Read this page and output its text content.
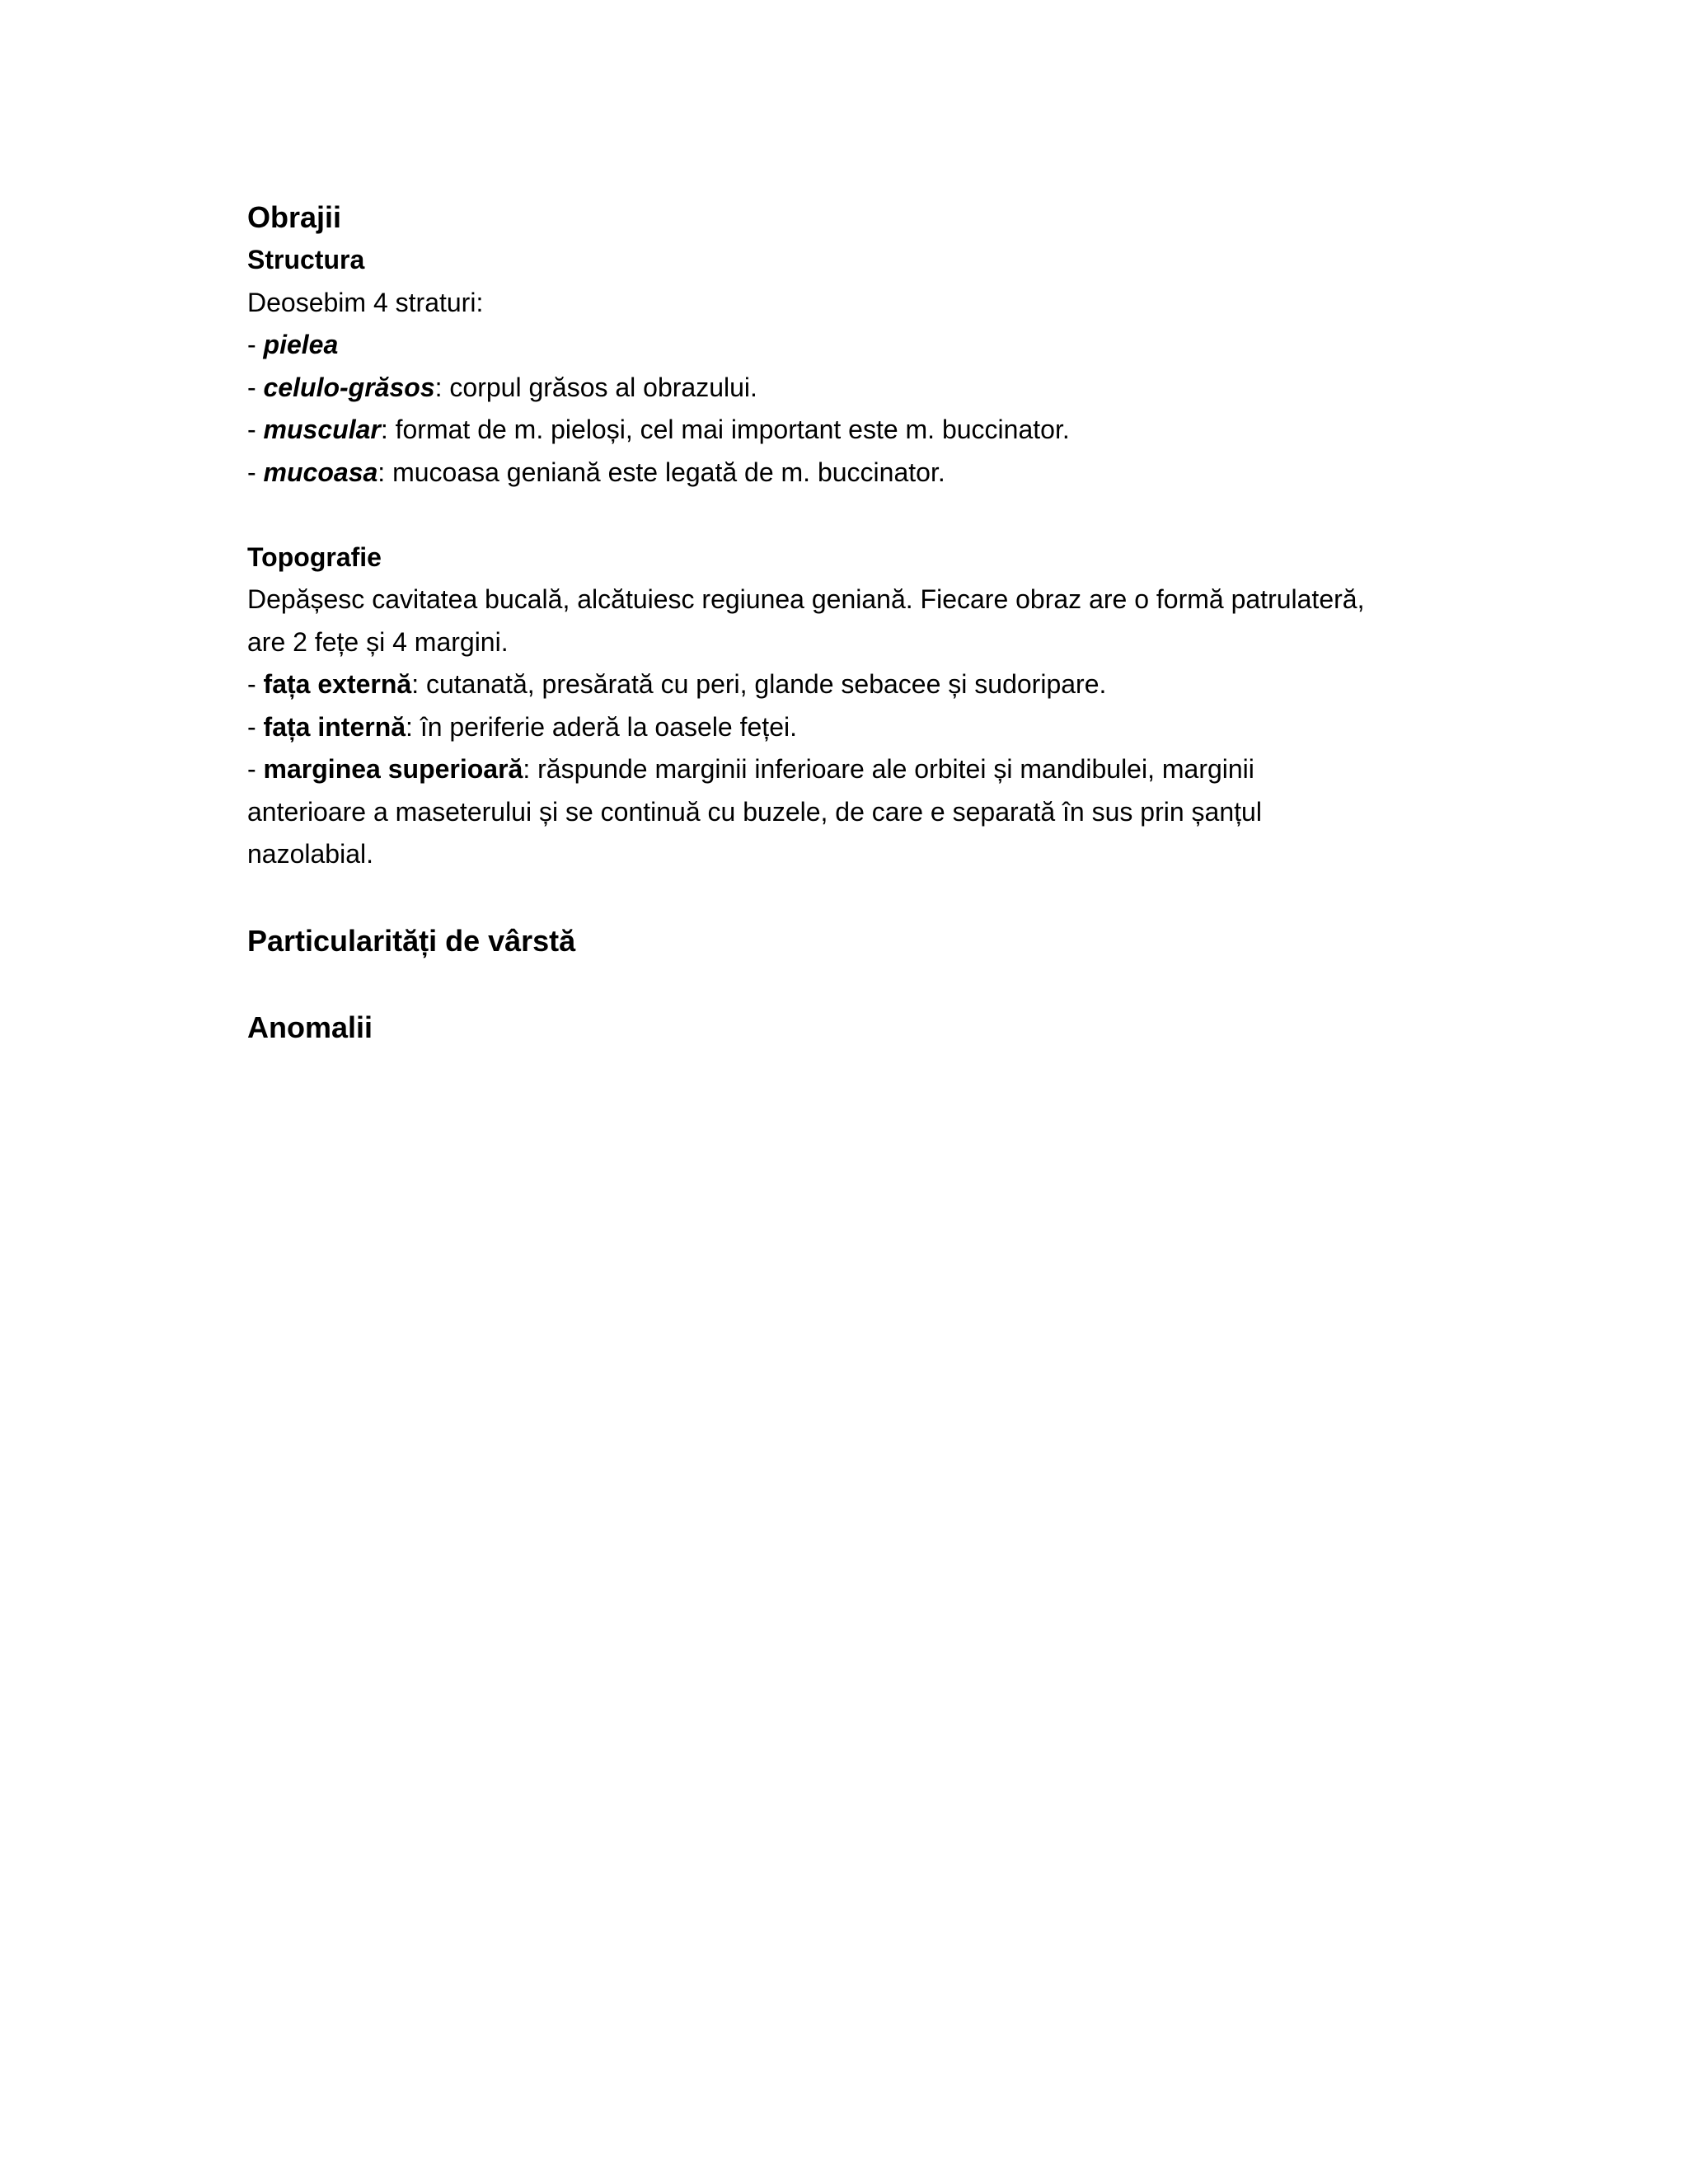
Obrajii

Structura

Deosebim 4 straturi:

- pielea

- celulo-grăsos: corpul grăsos al obrazului.

- muscular: format de m. pieloși, cel mai important este m. buccinator.

- mucoasa: mucoasa geniană este legată de m. buccinator.

Topografie

Depășesc cavitatea bucală, alcătuiesc regiunea geniană. Fiecare obraz are o formă patrulateră,

are 2 fețe și 4 margini.

- fața externă: cutanată, presărată cu peri, glande sebacee și sudoripare.

- fața internă: în periferie aderă la oasele feței.

- marginea superioară: răspunde marginii inferioare ale orbitei și mandibulei, marginii

anterioare a maseterului și se continuă cu buzele, de care e separată în sus prin șanțul

nazolabial.

Particularități de vârstă

Anomalii
